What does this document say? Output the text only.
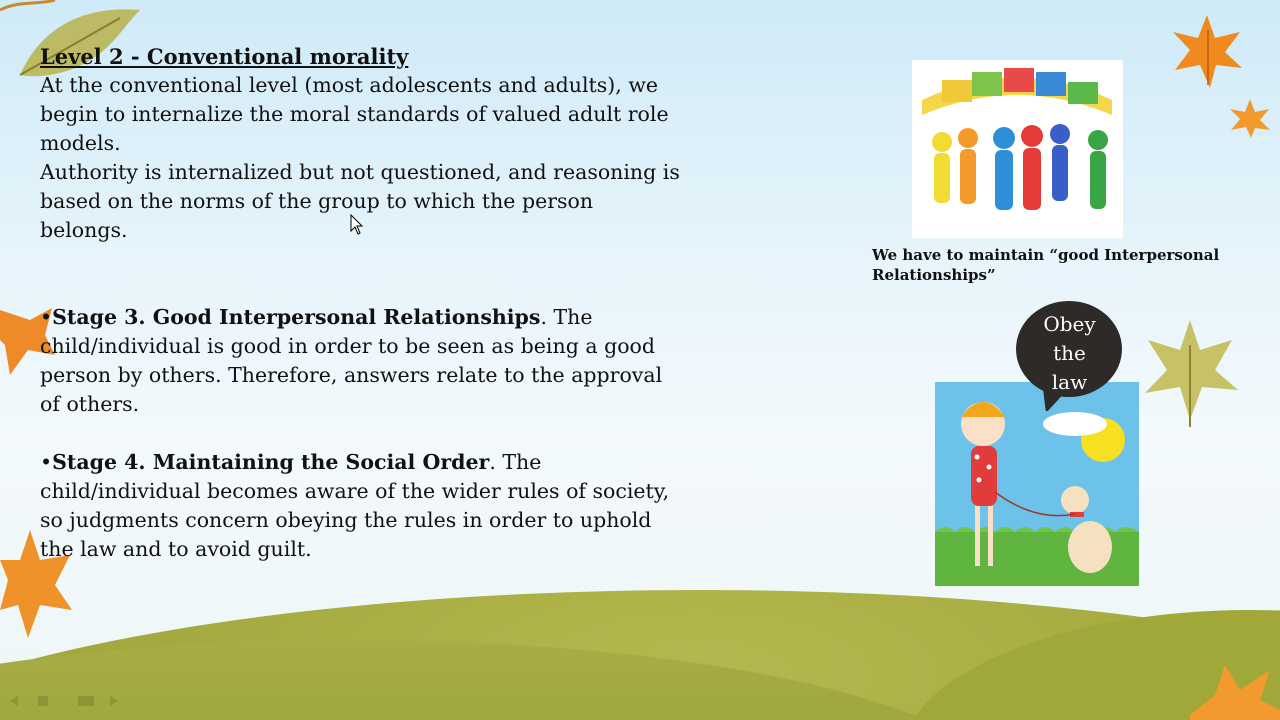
Level 2 - Conventional morality

At the conventional level (most adolescents and adults), we begin to internalize the moral standards of valued adult role models.

Authority is internalized but not questioned, and reasoning is based on the norms of the group to which the person belongs.

•Stage 3. Good Interpersonal Relationships. The child/individual is good in order to be seen as being a good person by others. Therefore, answers relate to the approval of others.

•Stage 4. Maintaining the Social Order. The child/individual becomes aware of the wider rules of society, so judgments concern obeying the rules in order to uphold the law and to avoid guilt.

We have to maintain “good Interpersonal Relationships”
Obey
the
law
